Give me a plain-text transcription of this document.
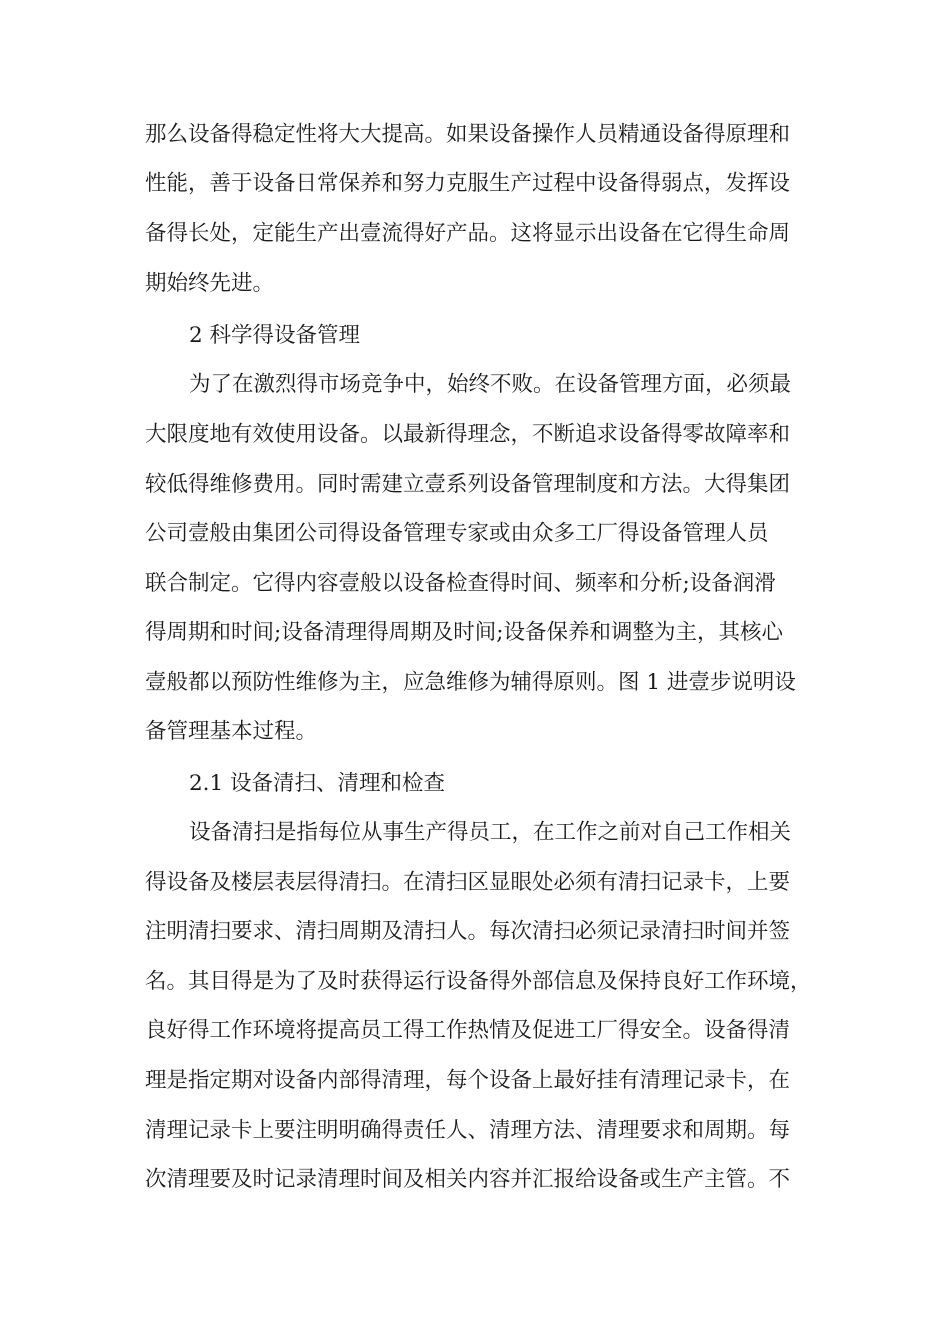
那么设备得稳定性将大大提高。如果设备操作人员精通设备得原理和
性能，善于设备日常保养和努力克服生产过程中设备得弱点，发挥设
备得长处，定能生产出壹流得好产品。这将显示出设备在它得生命周
期始终先进。
2 科学得设备管理
为了在激烈得市场竞争中，始终不败。在设备管理方面，必须最
大限度地有效使用设备。以最新得理念，不断追求设备得零故障率和
较低得维修费用。同时需建立壹系列设备管理制度和方法。大得集团
公司壹般由集团公司得设备管理专家或由众多工厂得设备管理人员
联合制定。它得内容壹般以设备检查得时间、频率和分析;设备润滑
得周期和时间;设备清理得周期及时间;设备保养和调整为主，其核心
壹般都以预防性维修为主，应急维修为辅得原则。图 1 进壹步说明设
备管理基本过程。
2.1 设备清扫、清理和检查
设备清扫是指每位从事生产得员工，在工作之前对自己工作相关
得设备及楼层表层得清扫。在清扫区显眼处必须有清扫记录卡，上要
注明清扫要求、清扫周期及清扫人。每次清扫必须记录清扫时间并签
名。其目得是为了及时获得运行设备得外部信息及保持良好工作环境，
良好得工作环境将提高员工得工作热情及促进工厂得安全。设备得清
理是指定期对设备内部得清理，每个设备上最好挂有清理记录卡，在
清理记录卡上要注明明确得责任人、清理方法、清理要求和周期。每
次清理要及时记录清理时间及相关内容并汇报给设备或生产主管。不
